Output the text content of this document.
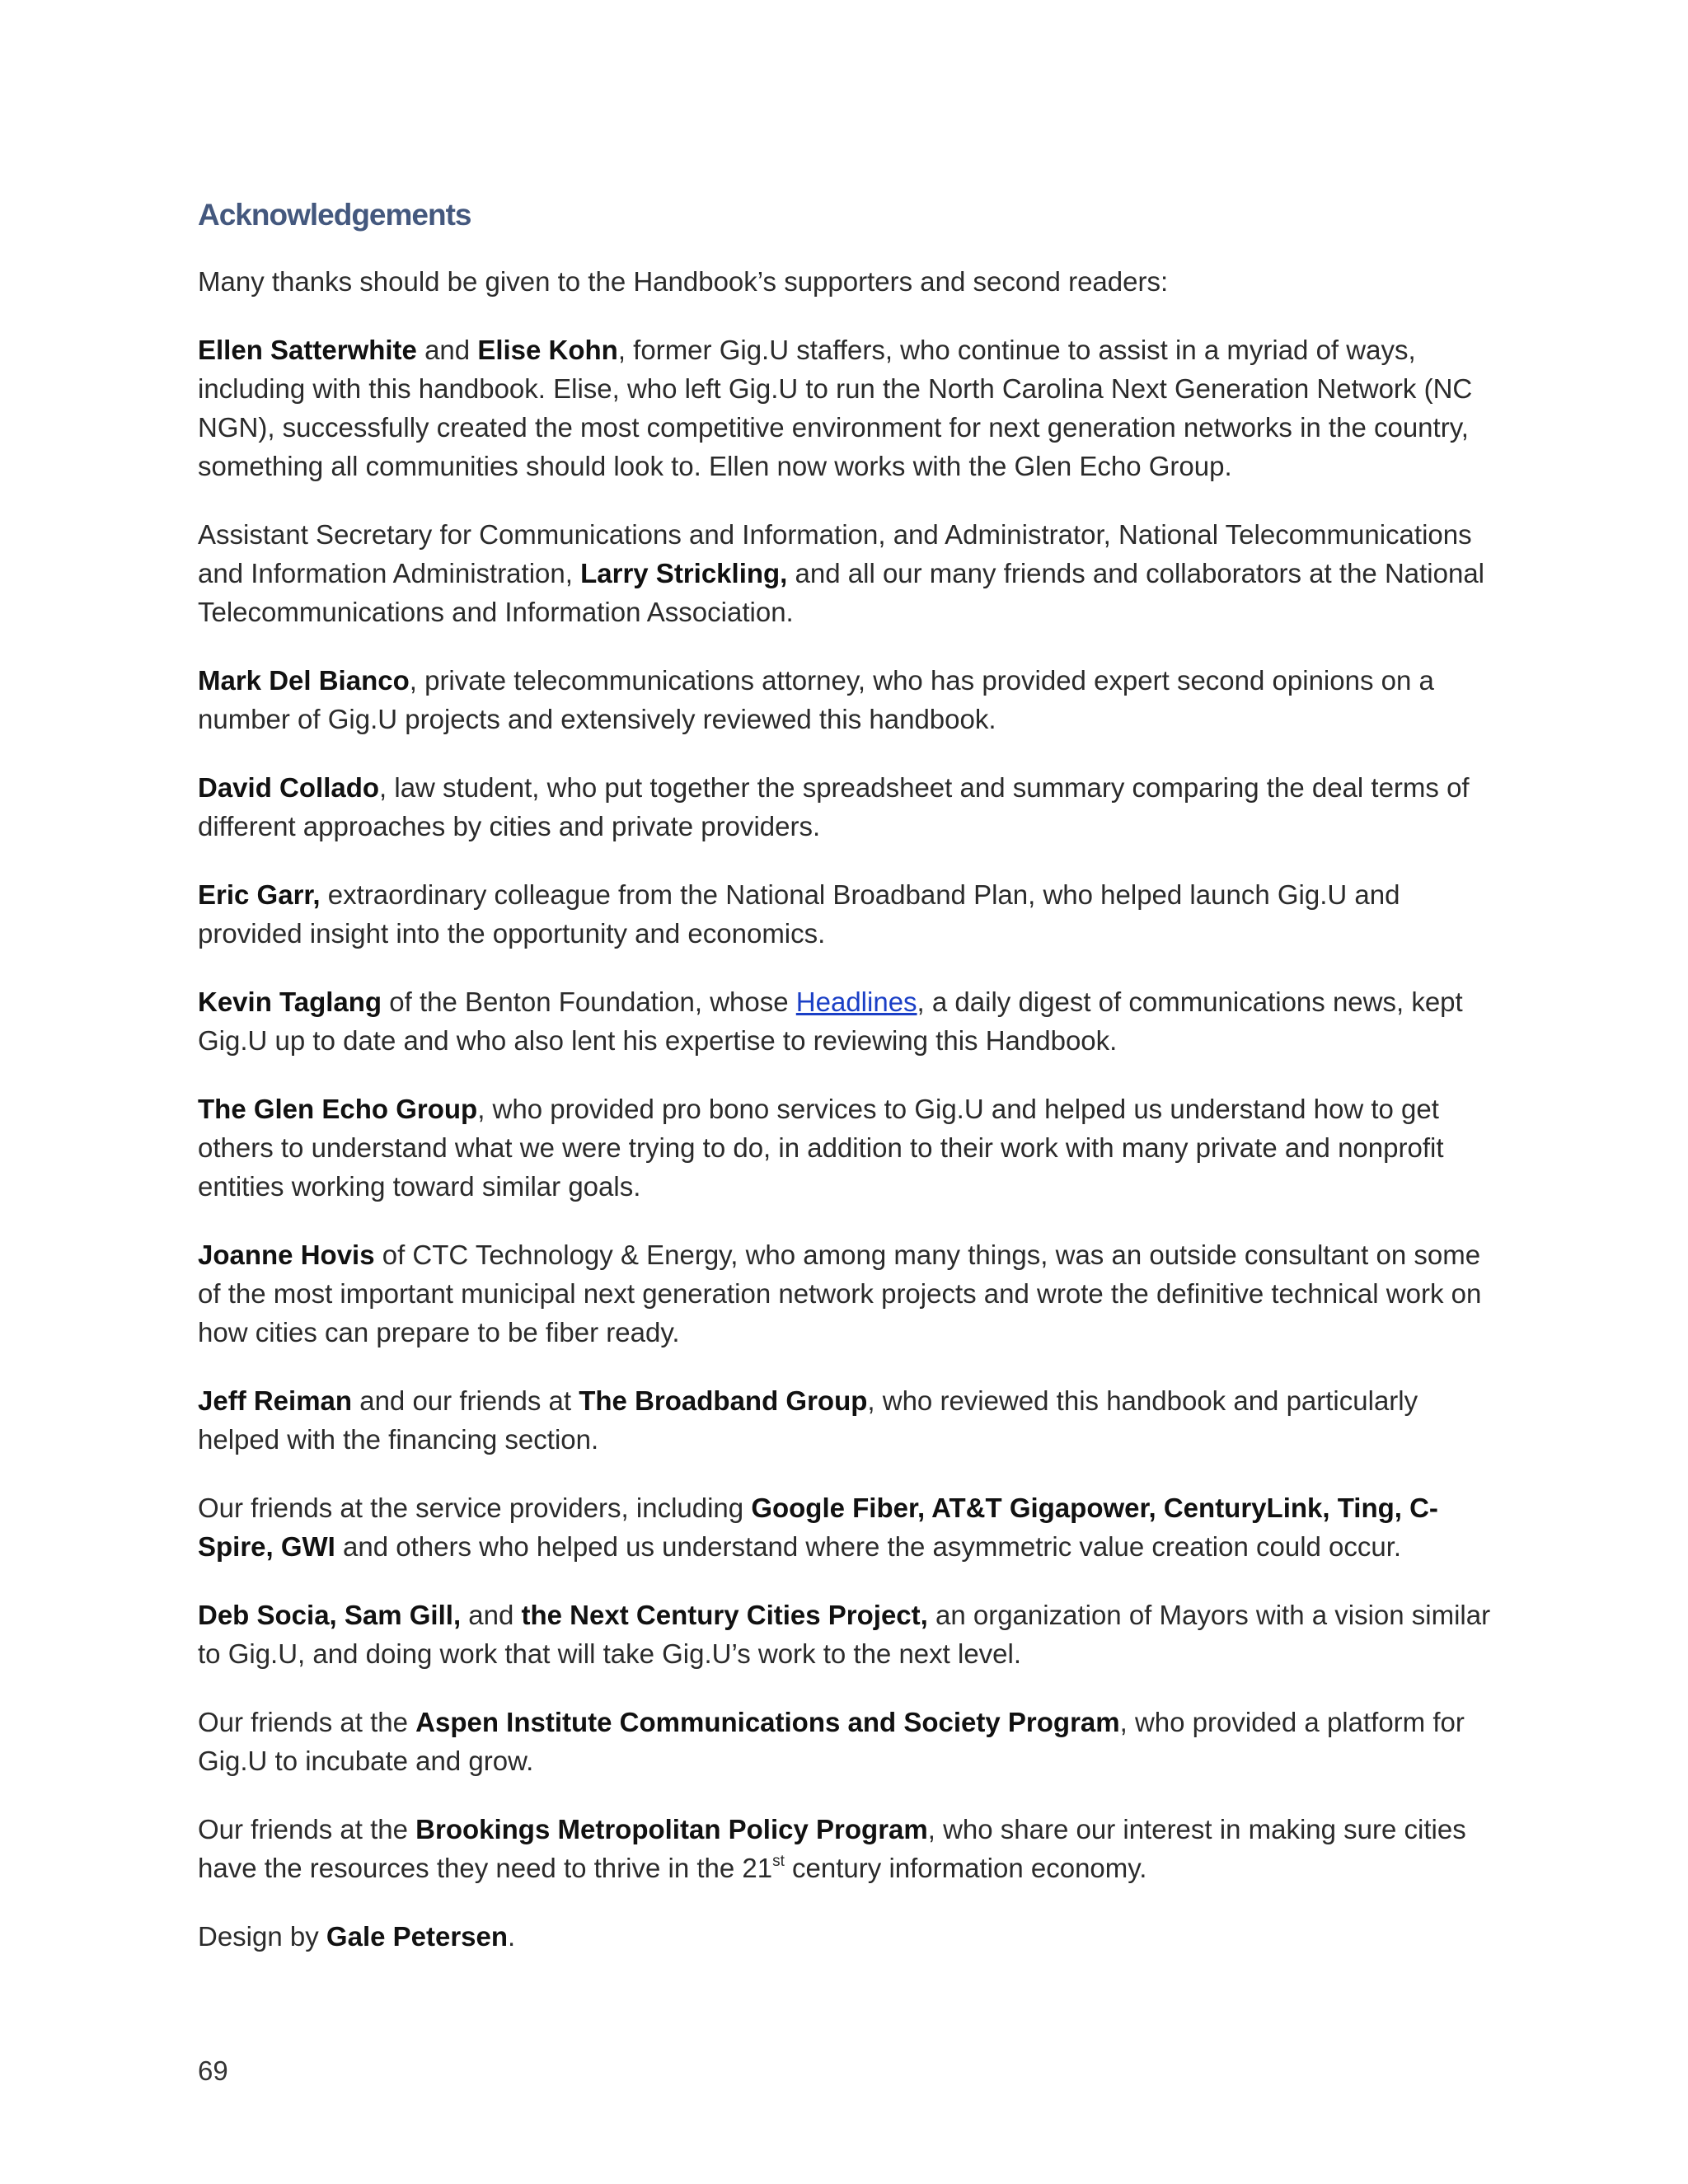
Acknowledgements

Many thanks should be given to the Handbook’s supporters and second readers:

Ellen Satterwhite and Elise Kohn, former Gig.U staffers, who continue to assist in a myriad of ways, including with this handbook. Elise, who left Gig.U to run the North Carolina Next Generation Network (NC NGN), successfully created the most competitive environment for next generation networks in the country, something all communities should look to. Ellen now works with the Glen Echo Group.

Assistant Secretary for Communications and Information, and Administrator, National Telecommunications and Information Administration, Larry Strickling, and all our many friends and collaborators at the National Telecommunications and Information Association.

Mark Del Bianco, private telecommunications attorney, who has provided expert second opinions on a number of Gig.U projects and extensively reviewed this handbook.

David Collado, law student, who put together the spreadsheet and summary comparing the deal terms of different approaches by cities and private providers.

Eric Garr, extraordinary colleague from the National Broadband Plan, who helped launch Gig.U and provided insight into the opportunity and economics.

Kevin Taglang of the Benton Foundation, whose Headlines, a daily digest of communications news, kept Gig.U up to date and who also lent his expertise to reviewing this Handbook.

The Glen Echo Group, who provided pro bono services to Gig.U and helped us understand how to get others to understand what we were trying to do, in addition to their work with many private and nonprofit entities working toward similar goals.

Joanne Hovis of CTC Technology & Energy, who among many things, was an outside consultant on some of the most important municipal next generation network projects and wrote the definitive technical work on how cities can prepare to be fiber ready.

Jeff Reiman and our friends at The Broadband Group, who reviewed this handbook and particularly helped with the financing section.

Our friends at the service providers, including Google Fiber, AT&T Gigapower, CenturyLink, Ting, C-Spire, GWI and others who helped us understand where the asymmetric value creation could occur.

Deb Socia, Sam Gill, and the Next Century Cities Project, an organization of Mayors with a vision similar to Gig.U, and doing work that will take Gig.U’s work to the next level.

Our friends at the Aspen Institute Communications and Society Program, who provided a platform for Gig.U to incubate and grow.

Our friends at the Brookings Metropolitan Policy Program, who share our interest in making sure cities have the resources they need to thrive in the 21st century information economy.

Design by Gale Petersen.

69
